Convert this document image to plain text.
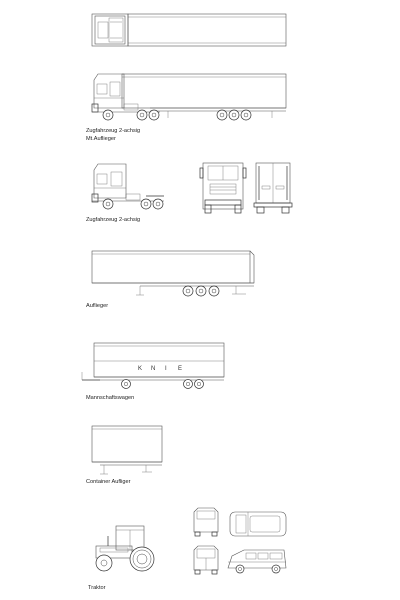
K N I E
Zugfahrzeug 2-achsig
Mt.Auflieger
Zugfahrzeug 2-achsig
Auflieger
Mannschaftswagen
Container Aufliger
Traktor
